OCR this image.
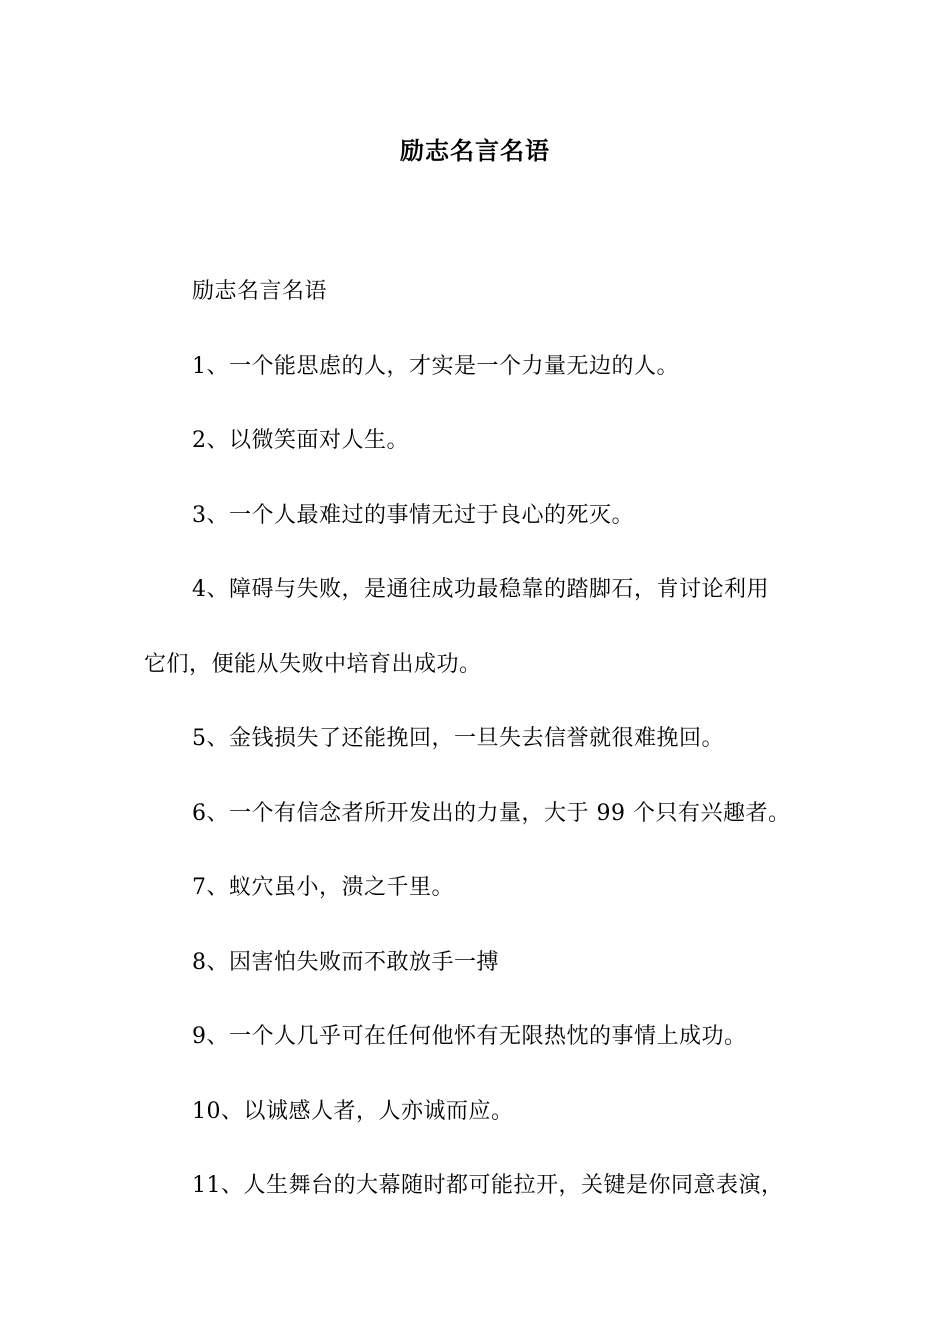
励志名言名语
励志名言名语
1、一个能思虑的人，才实是一个力量无边的人。
2、以微笑面对人生。
3、一个人最难过的事情无过于良心的死灭。
4、障碍与失败，是通往成功最稳靠的踏脚石，肯讨论利用
它们，便能从失败中培育出成功。
5、金钱损失了还能挽回，一旦失去信誉就很难挽回。
6、一个有信念者所开发出的力量，大于 99 个只有兴趣者。
7、蚁穴虽小，溃之千里。
8、因害怕失败而不敢放手一搏
9、一个人几乎可在任何他怀有无限热忱的事情上成功。
10、以诚感人者，人亦诚而应。
11、人生舞台的大幕随时都可能拉开，关键是你同意表演，
